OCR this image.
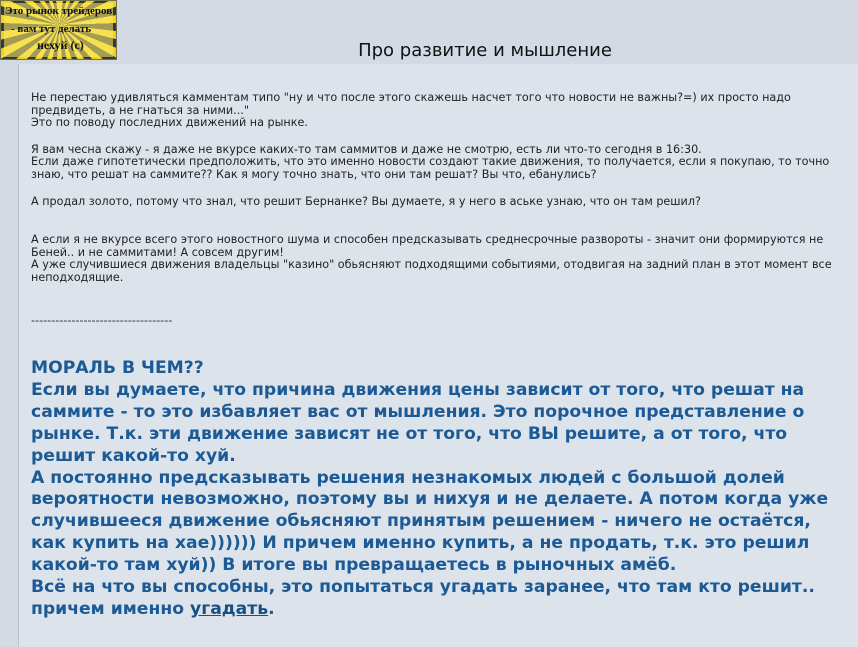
Это рынок трейдеров
- вам тут делать
нехуй (с)	Про развитие и мышление

Не перестаю удивляться камментам типо "ну и что после этого скажешь насчет того что новости не важны?=) их просто надо предвидеть, а не гнаться за ними..."

Это по поводу последних движений на рынке.

Я вам чесна скажу - я даже не вкурсе каких-то там саммитов и даже не смотрю, есть ли что-то сегодня в 16:30.

Если даже гипотетически предположить, что это именно новости создают такие движения, то получается, если я покупаю, то точно знаю, что решат на саммите?? Как я могу точно знать, что они там решат? Вы что, ебанулись?

А продал золото, потому что знал, что решит Бернанке? Вы думаете, я у него в аське узнаю, что он там решил?

А если я не вкурсе всего этого новостного шума и способен предсказывать среднесрочные развороты - значит они формируются не Беней.. и не саммитами! А совсем другим!

А уже случившиеся движения владельцы "казино" обьясняют подходящими событиями, отодвигая на задний план в этот момент все неподходящие.

-----------------------------------

МОРАЛЬ В ЧЕМ??

Если вы думаете, что причина движения цены зависит от того, что решат на саммите - то это избавляет вас от мышления. Это порочное представление о рынке. Т.к. эти движение зависят не от того, что ВЫ решите, а от того, что решит какой-то хуй.

А постоянно предсказывать решения незнакомых людей с большой долей вероятности невозможно, поэтому вы и нихуя и не делаете. А потом когда уже случившееся движение обьясняют принятым решением - ничего не остаётся, как купить на хае)))))) И причем именно купить, а не продать, т.к. это решил какой-то там хуй)) В итоге вы превращаетесь в рыночных амёб.

Всё на что вы способны, это попытаться угадать заранее, что там кто решит.. причем именно угадать.
